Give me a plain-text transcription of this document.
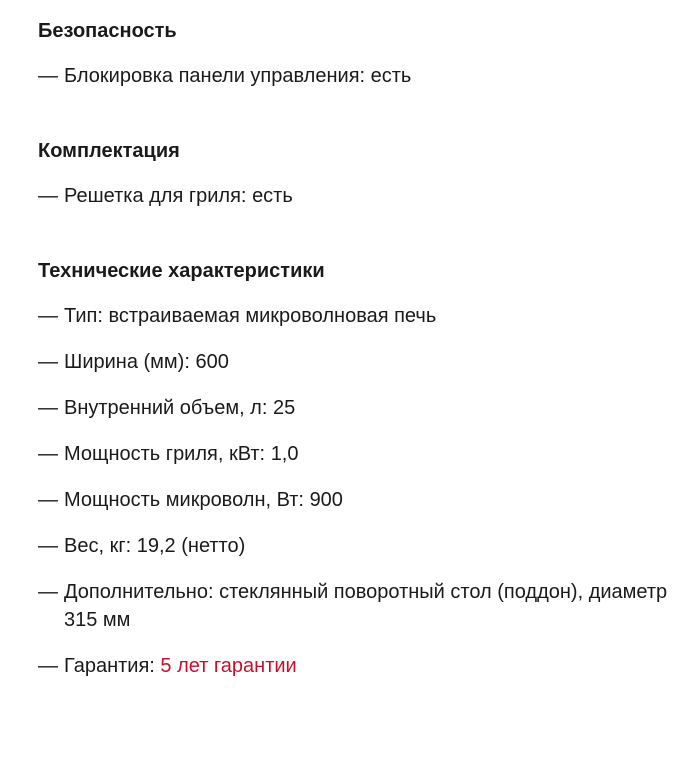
Безопасность
— Блокировка панели управления: есть
Комплектация
— Решетка для гриля: есть
Технические характеристики
— Тип: встраиваемая микроволновая печь
— Ширина (мм): 600
— Внутренний объем, л: 25
— Мощность гриля, кВт: 1,0
— Мощность микроволн, Вт: 900
— Вес, кг: 19,2 (нетто)
— Дополнительно: стеклянный поворотный стол (поддон), диаметр 315 мм
— Гарантия: 5 лет гарантии
